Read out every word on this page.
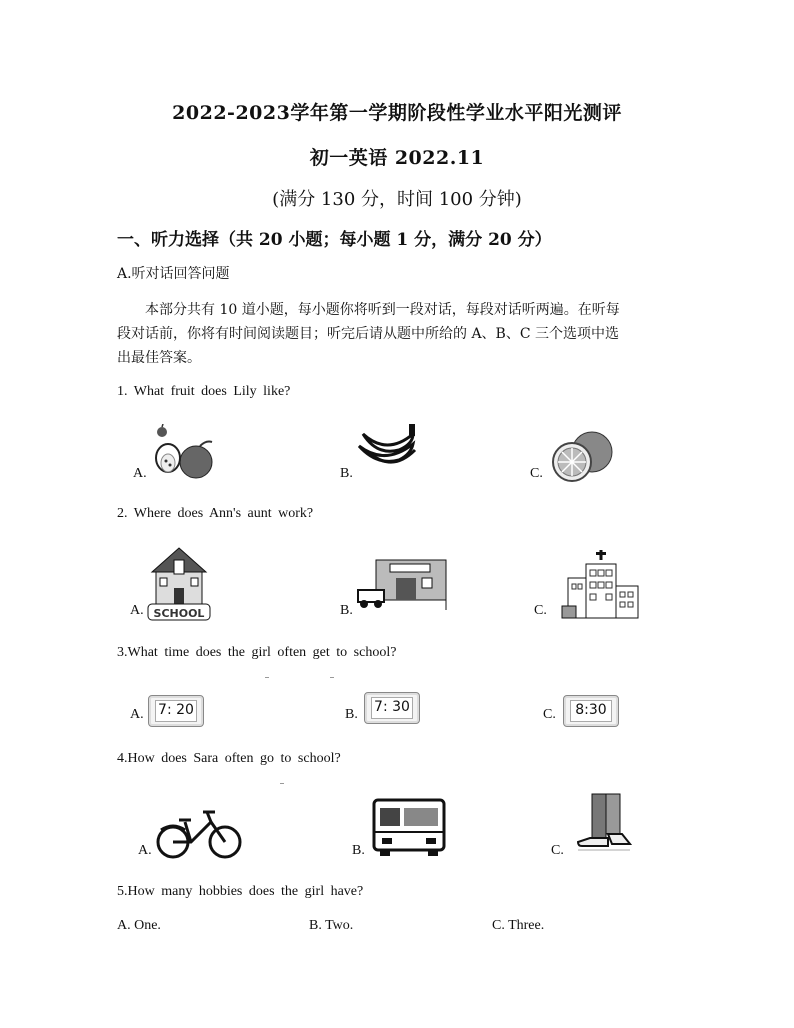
2022-2023学年第一学期阶段性学业水平阳光测评
初一英语 2022.11
(满分 130 分，时间 100 分钟)
一、听力选择（共 20 小题；每小题 1 分，满分 20 分）
A.听对话回答问题
本部分共有 10 道小题，每小题你将听到一段对话，每段对话听两遍。在听每
段对话前，你将有时间阅读题目；听完后请从题中所给的 A、B、C 三个选项中选
出最佳答案。
1. What fruit does Lily like?
A.	B.	C.
2. Where does Ann's aunt work?
A. SCHOOL	B.	C.
3.What time does the girl often get to school?
A. 7: 20	B. 7: 30	C.	8:30
4.How does Sara often go to school?
A.	B.	C.
5.How many hobbies does the girl have?
A. One.	B. Two.	C. Three.
